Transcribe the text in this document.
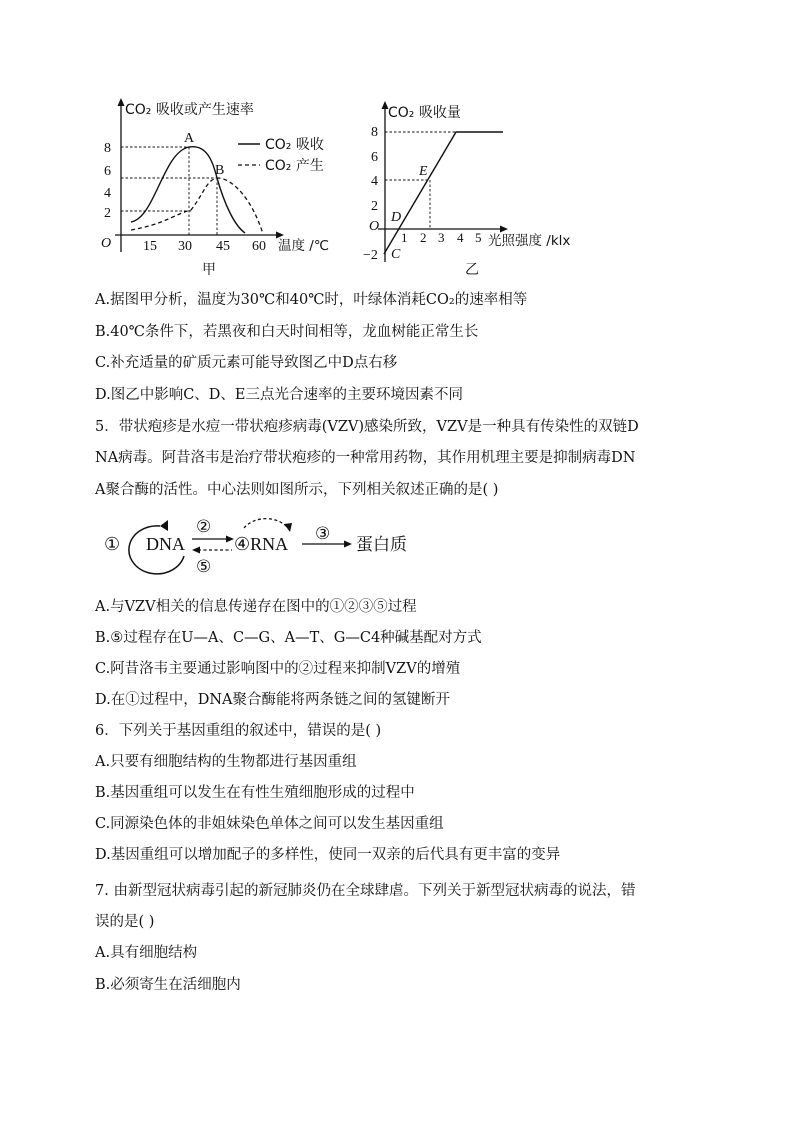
CO₂ 吸收或产生速率
8
6
4
2
O 15 30 45 60 温度 /℃
A
B
CO₂ 吸收
CO₂ 产生
甲
CO₂ 吸收量
8
6
4
2
O
−2
1 2 3 4 5 光照强度 /klx
C
D
E
乙
A.据图甲分析，温度为30℃和40℃时，叶绿体消耗CO₂的速率相等
B.40℃条件下，若黑夜和白天时间相等，龙血树能正常生长
C.补充适量的矿质元素可能导致图乙中D点右移
D.图乙中影响C、D、E三点光合速率的主要环境因素不同
5．带状疱疹是水痘一带状疱疹病毒(VZV)感染所致，VZV是一种具有传染性的双链D
NA病毒。阿昔洛韦是治疗带状疱疹的一种常用药物，其作用机理主要是抑制病毒DN
A聚合酶的活性。中心法则如图所示，下列相关叙述正确的是( )
① DNA
②
⑤
④RNA
③
蛋白质
A.与VZV相关的信息传递存在图中的①②③⑤过程
B.⑤过程存在U—A、C—G、A—T、G—C4种碱基配对方式
C.阿昔洛韦主要通过影响图中的②过程来抑制VZV的增殖
D.在①过程中，DNA聚合酶能将两条链之间的氢键断开
6．下列关于基因重组的叙述中，错误的是( )
A.只要有细胞结构的生物都进行基因重组
B.基因重组可以发生在有性生殖细胞形成的过程中
C.同源染色体的非姐妹染色单体之间可以发生基因重组
D.基因重组可以增加配子的多样性，使同一双亲的后代具有更丰富的变异
7. 由新型冠状病毒引起的新冠肺炎仍在全球肆虐。下列关于新型冠状病毒的说法，错
误的是( )
A.具有细胞结构
B.必须寄生在活细胞内
